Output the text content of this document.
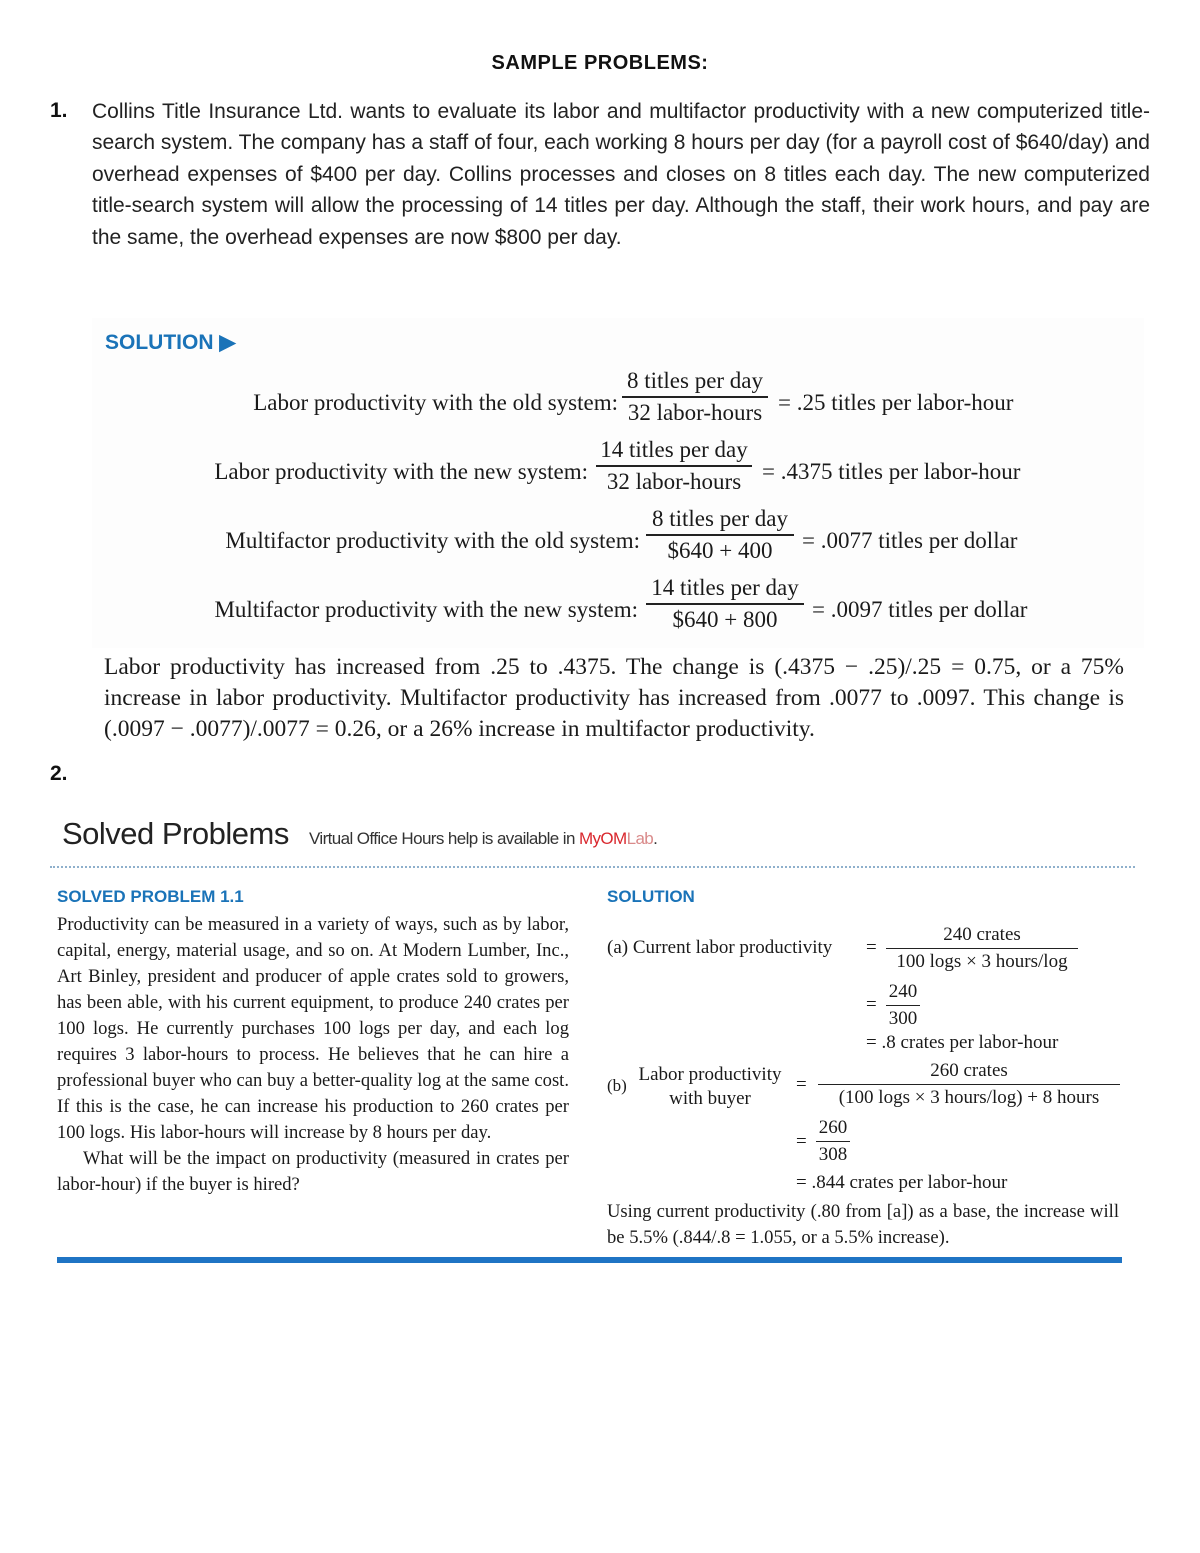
SAMPLE PROBLEMS:
1. Collins Title Insurance Ltd. wants to evaluate its labor and multifactor productivity with a new computerized title-search system. The company has a staff of four, each working 8 hours per day (for a payroll cost of $640/day) and overhead expenses of $400 per day. Collins processes and closes on 8 titles each day. The new computerized title-search system will allow the processing of 14 titles per day. Although the staff, their work hours, and pay are the same, the overhead expenses are now $800 per day.
SOLUTION ▶
Labor productivity with the old system:
8 titles per day
32 labor-hours = .25 titles per labor-hour
Labor productivity with the new system:
14 titles per day
32 labor-hours = .4375 titles per labor-hour
Multifactor productivity with the old system:
8 titles per day
$640 + 400	= .0077 titles per dollar
Multifactor productivity with the new system:
14 titles per day
$640 + 800	= .0097 titles per dollar
Labor productivity has increased from .25 to .4375. The change is (.4375 − .25)/.25 = 0.75, or a 75% increase in labor productivity. Multifactor productivity has increased from .0077 to .0097. This change is (.0097 − .0077)/.0077 = 0.26, or a 26% increase in multifactor productivity.
2.
Solved Problems Virtual Office Hours help is available in MyOMLab.
SOLVED PROBLEM 1.1
Productivity can be measured in a variety of ways, such as by labor, capital, energy, material usage, and so on. At Modern Lumber, Inc., Art Binley, president and producer of apple crates sold to growers, has been able, with his current equipment, to produce 240 crates per 100 logs. He currently purchases 100 logs per day, and each log requires 3 labor-hours to process. He believes that he can hire a professional buyer who can buy a better-quality log at the same cost. If this is the case, he can increase his production to 260 crates per 100 logs. His labor-hours will increase by 8 hours per day.
What will be the impact on productivity (measured in crates per labor-hour) if the buyer is hired?
SOLUTION
(a) Current labor productivity =
240 crates
100 logs × 3 hours/log
=
240
300
= .8 crates per labor-hour
(b)
Labor productivity
with buyer
=
260 crates
(100 logs × 3 hours/log) + 8 hours
=
260
308
= .844 crates per labor-hour
Using current productivity (.80 from [a]) as a base, the increase will be 5.5% (.844/.8 = 1.055, or a 5.5% increase).
